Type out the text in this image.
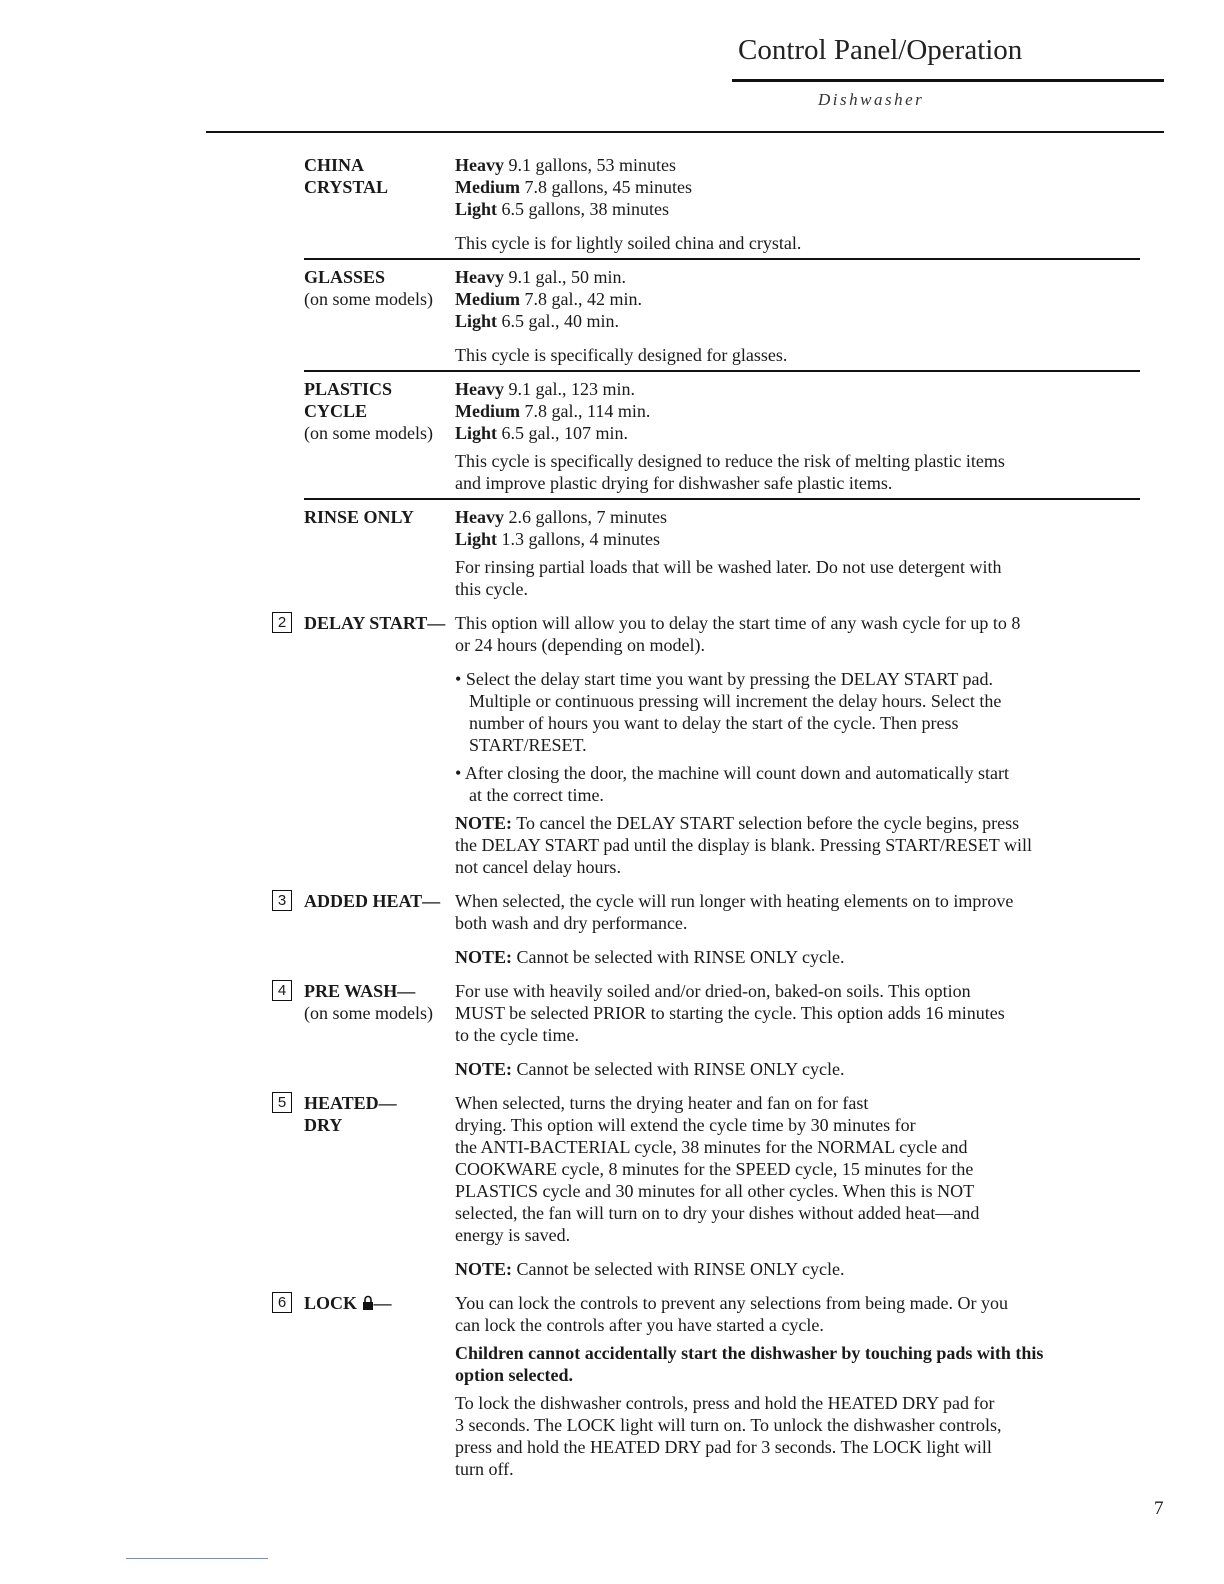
Control Panel/Operation
Dishwasher
CHINA
CRYSTAL
Heavy 9.1 gallons, 53 minutes
Medium 7.8 gallons, 45 minutes
Light 6.5 gallons, 38 minutes
This cycle is for lightly soiled china and crystal.
GLASSES
(on some models)
Heavy 9.1 gal., 50 min.
Medium 7.8 gal., 42 min.
Light 6.5 gal., 40 min.
This cycle is specifically designed for glasses.
PLASTICS
CYCLE
(on some models)
Heavy 9.1 gal., 123 min.
Medium 7.8 gal., 114 min.
Light 6.5 gal., 107 min.
This cycle is specifically designed to reduce the risk of melting plastic items
and improve plastic drying for dishwasher safe plastic items.
RINSE ONLY Heavy 2.6 gallons, 7 minutes
Light 1.3 gallons, 4 minutes
For rinsing partial loads that will be washed later. Do not use detergent with
this cycle.
2 DELAY START— This option will allow you to delay the start time of any wash cycle for up to 8
or 24 hours (depending on model).
• Select the delay start time you want by pressing the DELAY START pad.
Multiple or continuous pressing will increment the delay hours. Select the
number of hours you want to delay the start of the cycle. Then press
START/RESET.
• After closing the door, the machine will count down and automatically start
at the correct time.
NOTE: To cancel the DELAY START selection before the cycle begins, press
the DELAY START pad until the display is blank. Pressing START/RESET will
not cancel delay hours.
3 ADDED HEAT— When selected, the cycle will run longer with heating elements on to improve
both wash and dry performance.
NOTE: Cannot be selected with RINSE ONLY cycle.
4 PRE WASH—
(on some models)
For use with heavily soiled and/or dried-on, baked-on soils. This option
MUST be selected PRIOR to starting the cycle. This option adds 16 minutes
to the cycle time.
NOTE: Cannot be selected with RINSE ONLY cycle.
5 HEATED—
DRY
When selected, turns the drying heater and fan on for fast
drying. This option will extend the cycle time by 30 minutes for
the ANTI-BACTERIAL cycle, 38 minutes for the NORMAL cycle and
COOKWARE cycle, 8 minutes for the SPEED cycle, 15 minutes for the
PLASTICS cycle and 30 minutes for all other cycles. When this is NOT
selected, the fan will turn on to dry your dishes without added heat—and
energy is saved.
NOTE: Cannot be selected with RINSE ONLY cycle.
6 LOCK —	You can lock the controls to prevent any selections from being made. Or you
can lock the controls after you have started a cycle.
Children cannot accidentally start the dishwasher by touching pads with this
option selected.
To lock the dishwasher controls, press and hold the HEATED DRY pad for
3 seconds. The LOCK light will turn on. To unlock the dishwasher controls,
press and hold the HEATED DRY pad for 3 seconds. The LOCK light will
turn off.
7
